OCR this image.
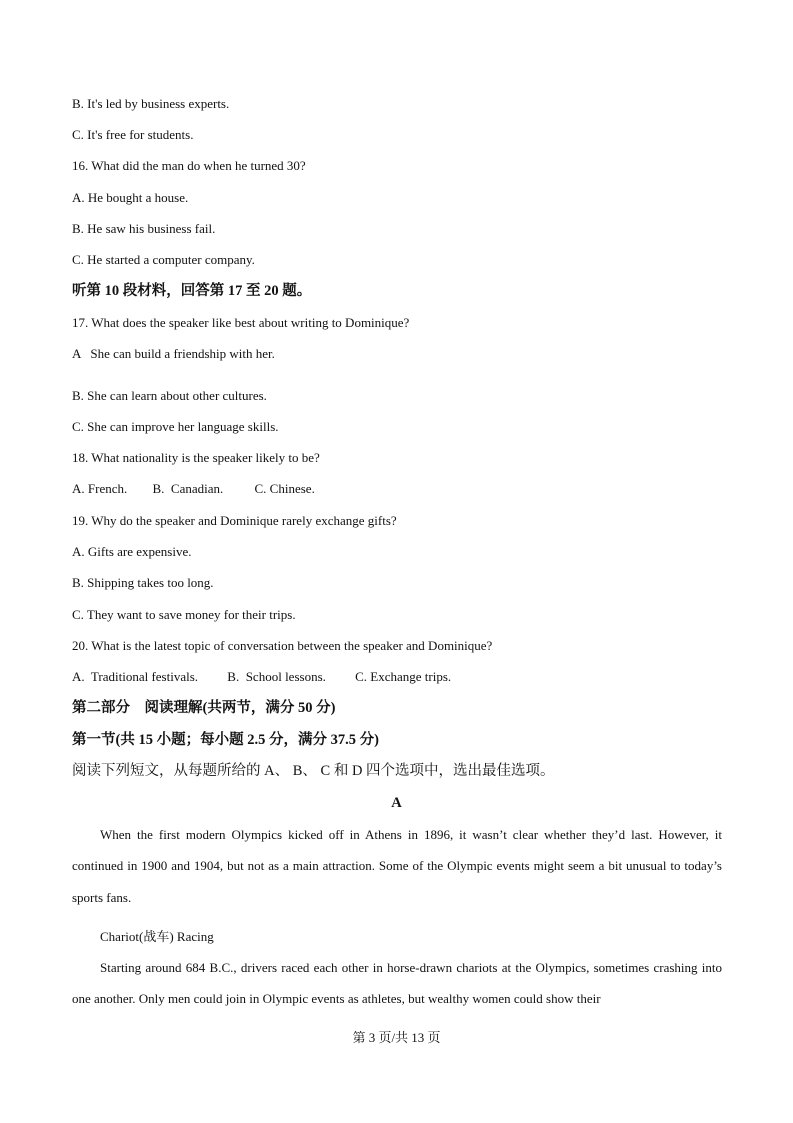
B. It's led by business experts.
C. It's free for students.
16. What did the man do when he turned 30?
A. He bought a house.
B. He saw his business fail.
C. He started a computer company.
听第 10 段材料，回答第 17 至 20 题。
17. What does the speaker like best about writing to Dominique?
A   She can build a friendship with her.
B. She can learn about other cultures.
C. She can improve her language skills.
18. What nationality is the speaker likely to be?
A. French. B.  Canadian. C. Chinese.
19. Why do the speaker and Dominique rarely exchange gifts?
A. Gifts are expensive.
B. Shipping takes too long.
C. They want to save money for their trips.
20. What is the latest topic of conversation between the speaker and Dominique?
A.  Traditional festivals. B.  School lessons. C. Exchange trips.
第二部分    阅读理解(共两节，满分 50 分)
第一节(共 15 小题；每小题 2.5 分，满分 37.5 分)
阅读下列短文，从每题所给的 A、 B、 C 和 D 四个选项中，选出最佳选项。
A
When the first modern Olympics kicked off in Athens in 1896, it wasn’t clear whether they’d last. However, it continued in 1900 and 1904, but not as a main attraction. Some of the Olympic events might seem a bit unusual to today’s sports fans.
Chariot(战车) Racing
Starting around 684 B.C., drivers raced each other in horse-drawn chariots at the Olympics, sometimes crashing into one another. Only men could join in Olympic events as athletes, but wealthy women could show their
第 3 页/共 13 页
